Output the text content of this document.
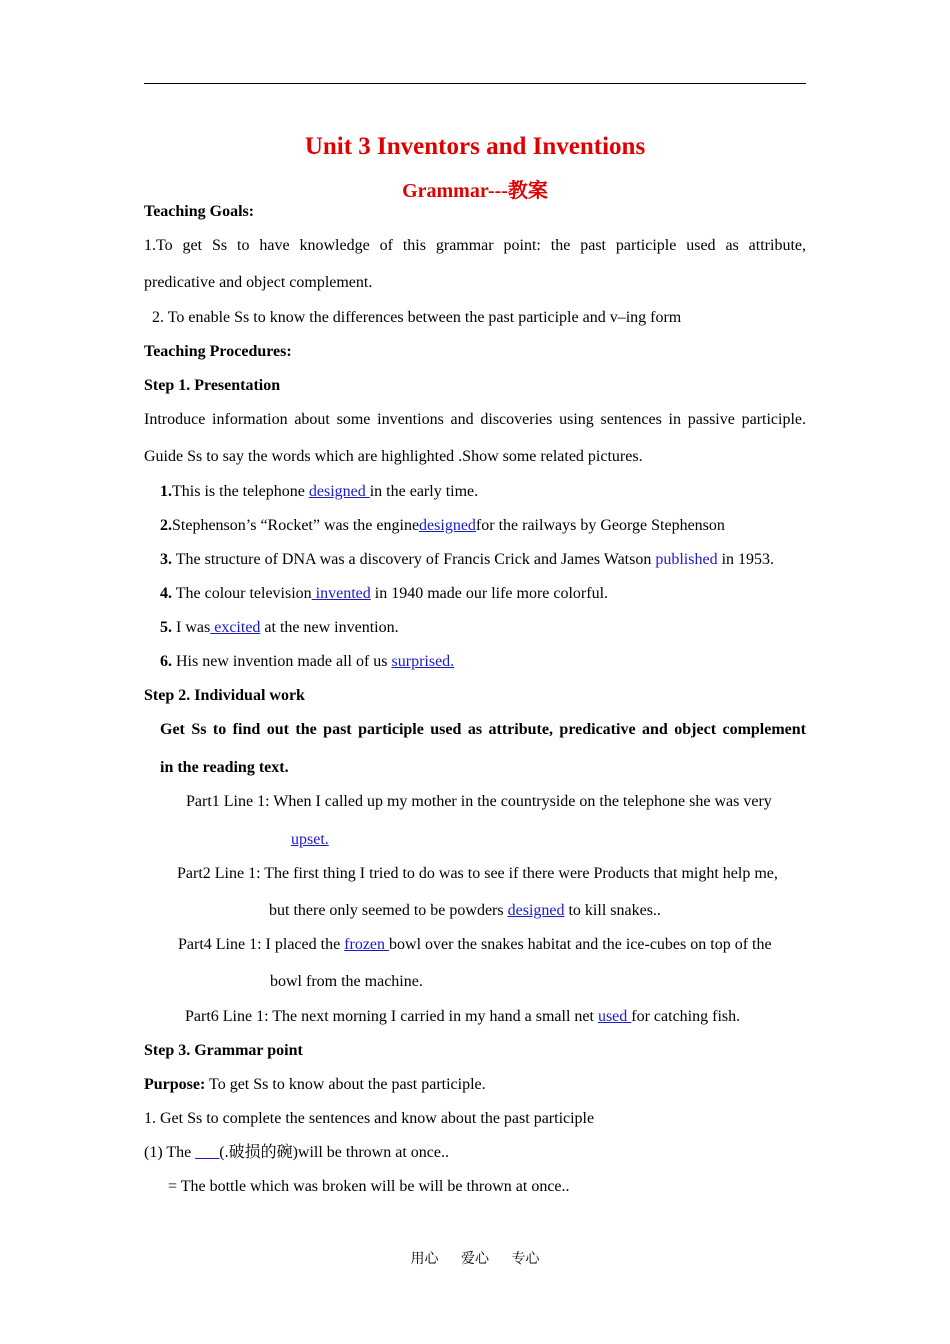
Unit 3 Inventors and Inventions
Grammar---教案
Teaching Goals:
1.To get Ss to have knowledge of this grammar point: the past participle used as attribute,
predicative and object complement.
2. To enable Ss to know the differences between the past participle and v–ing form
Teaching Procedures:
Step 1. Presentation
Introduce information about some inventions and discoveries using sentences in passive participle.
Guide Ss to say the words which are highlighted .Show some related pictures.
1.This is the telephone designed in the early time.
2.Stephenson’s “Rocket” was the enginedesignedfor the railways by George Stephenson
3. The structure of DNA was a discovery of Francis Crick and James Watson published in 1953.
4. The colour television invented in 1940 made our life more colorful.
5. I was excited at the new invention.
6. His new invention made all of us surprised.
Step 2. Individual work
Get Ss to find out the past participle used as attribute, predicative and object complement
in the reading text.
Part1 Line 1: When I called up my mother in the countryside on the telephone she was very
upset.
Part2 Line 1: The first thing I tried to do was to see if there were Products that might help me,
but there only seemed to be powders designed to kill snakes..
Part4 Line 1: I placed the frozen bowl over the snakes habitat and the ice-cubes on top of the
bowl from the machine.
Part6 Line 1: The next morning I carried in my hand a small net used for catching fish.
Step 3. Grammar point
Purpose: To get Ss to know about the past participle.
1. Get Ss to complete the sentences and know about the past participle
(1) The ___(.破损的碗)will be thrown at once..
= The bottle which was broken will be will be thrown at once..
用心 爱心 专心
